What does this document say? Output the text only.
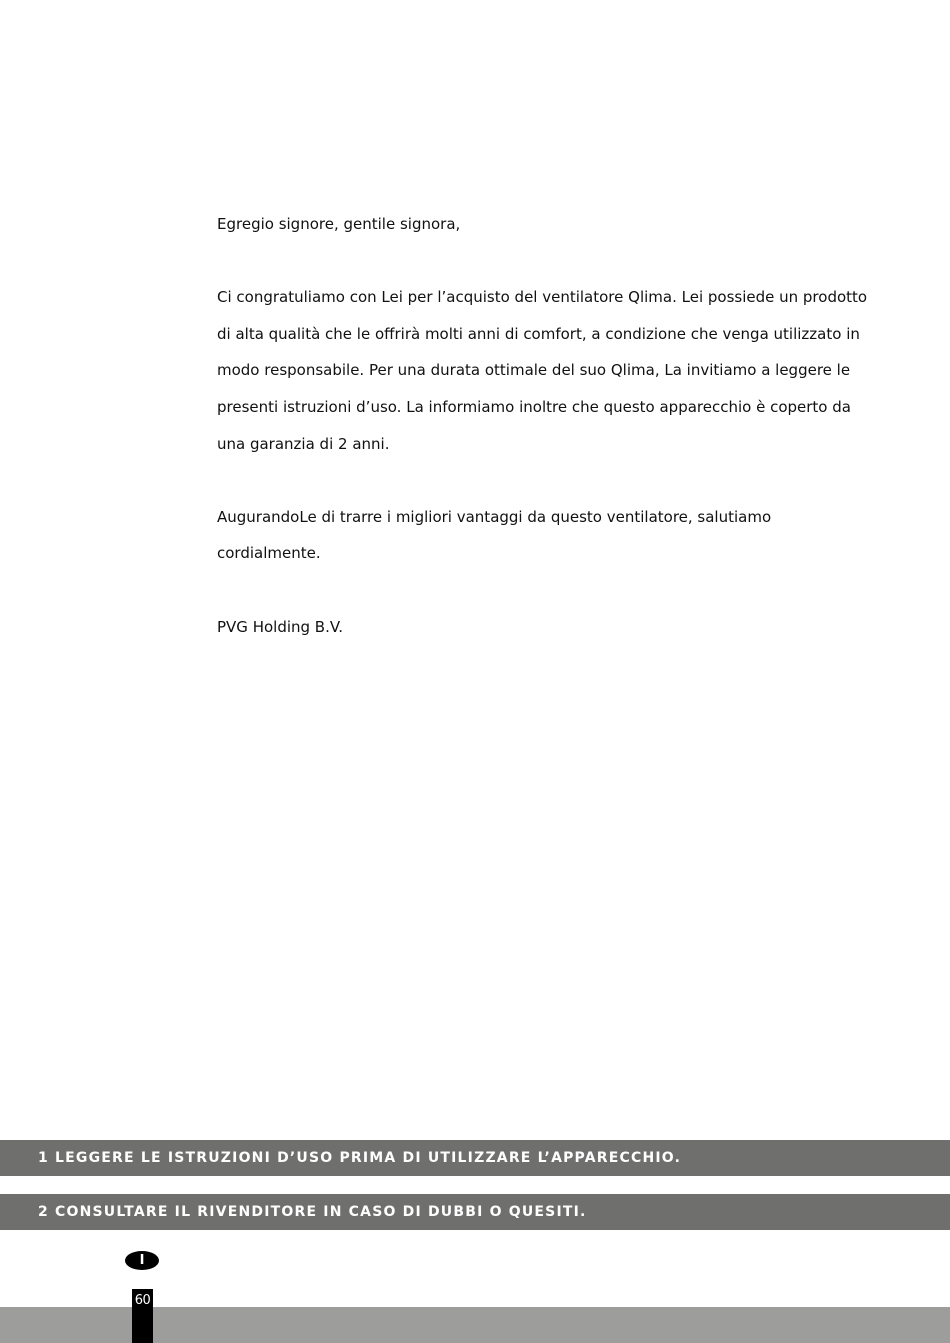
Egregio signore, gentile signora,

Ci congratuliamo con Lei per l’acquisto del ventilatore Qlima. Lei possiede un prodotto di alta qualità che le offrirà molti anni di comfort, a condizione che venga utilizzato in modo responsabile. Per una durata ottimale del suo Qlima, La invitiamo a leggere le presenti istruzioni d’uso. La informiamo inoltre che questo apparecchio è coperto da una garanzia di 2 anni.

AugurandoLe di trarre i migliori vantaggi da questo ventilatore, salutiamo cordialmente.

PVG Holding B.V.

1 LEGGERE LE ISTRUZIONI D’USO PRIMA DI UTILIZZARE L’APPARECCHIO.
2 CONSULTARE IL RIVENDITORE IN CASO DI DUBBI O QUESITI.
I
60
